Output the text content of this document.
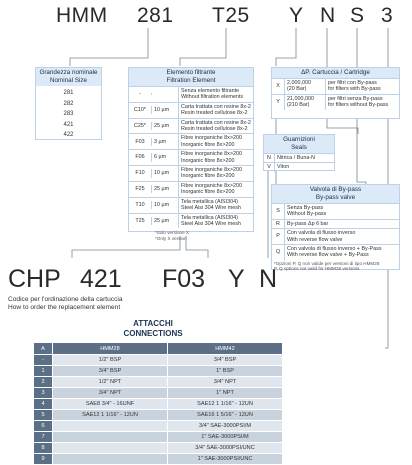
HMM 281 T25 Y N S 3
Grandezza nominale
Nominal Size
281
282
283
421
422
Elemento filtrante
Filtration Element
-
Senza elemento filtrante
Without filtration elements
C10*	10 µm
Carta trattata con resine 8x-2
Resin treated cellulose 8x-2
C25*	25 µm
Carta trattata con resine 8x-2
Resin treated cellulose 8x-2
F03	3 µm
Fibre inorganiche 8x>200
Inorganic fibre 8x>200
F06	6 µm
Fibre inorganiche 8x>200
Inorganic fibre 8x>200
F10	10 µm
Fibre inorganiche 8x>200
Inorganic fibre 8x>200
F25	25 µm
Fibre inorganiche 8x>200
Inorganic fibre 8x>200
T10	10 µm
Tela metallica (AISI304)
Steel Aisi 304 Wire mesh
T25	25 µm
Tela metallica (AISI304)
Steel Aisi 304 Wire mesh
*Solo versione X
*Only X version
ΔP. Cartuccia / Cartridge
X
2,000,000
(20 Bar)
per filtri con By-pass
for filters with By-pass
Y
21,000,000
(210 Bar)
per filtri senza By-pass
for filters without By-pass
Guarnizioni
Seals
N	Nitrica / Buna-N
V	Viton
Valvola di By-pass
By-pass valve
S
Senza By-pass
Without By-pass
R	By-pass Δp 6 bar
P
Con valvola di flusso inverso
With reverse flow valve
Q
Con valvola di flusso inverso + By-Pass
With reverse flow valve + By-Pass
*Opzioni P, Q non valide per versioni di tipo HMM28
P, Q options not valid for HMM28 versions
CHP 421 F03 Y N
Codice per l'ordinazione della cartuccia
How to order the replacement element
ATTACCHI
CONNECTIONS
A	HMM28	HMM42	
-	1/2" BSP	3/4" BSP	
1	3/4" BSP	1" BSP	
2	1/2" NPT	3/4" NPT	
3	3/4" NPT	1" NPT	
4	SAE8 3/4" - 16UNF	SAE12 1 1/16" - 12UN	
5	SAE12 1 1/16" - 12UN	SAE16 1 5/16" - 12UN	
6		3/4" SAE-3000PSI/M	
7		1" SAE-3000PSI/M	
8		3/4" SAE-3000PSI/UNC	
9		1" SAE-3000PSI/UNC	
